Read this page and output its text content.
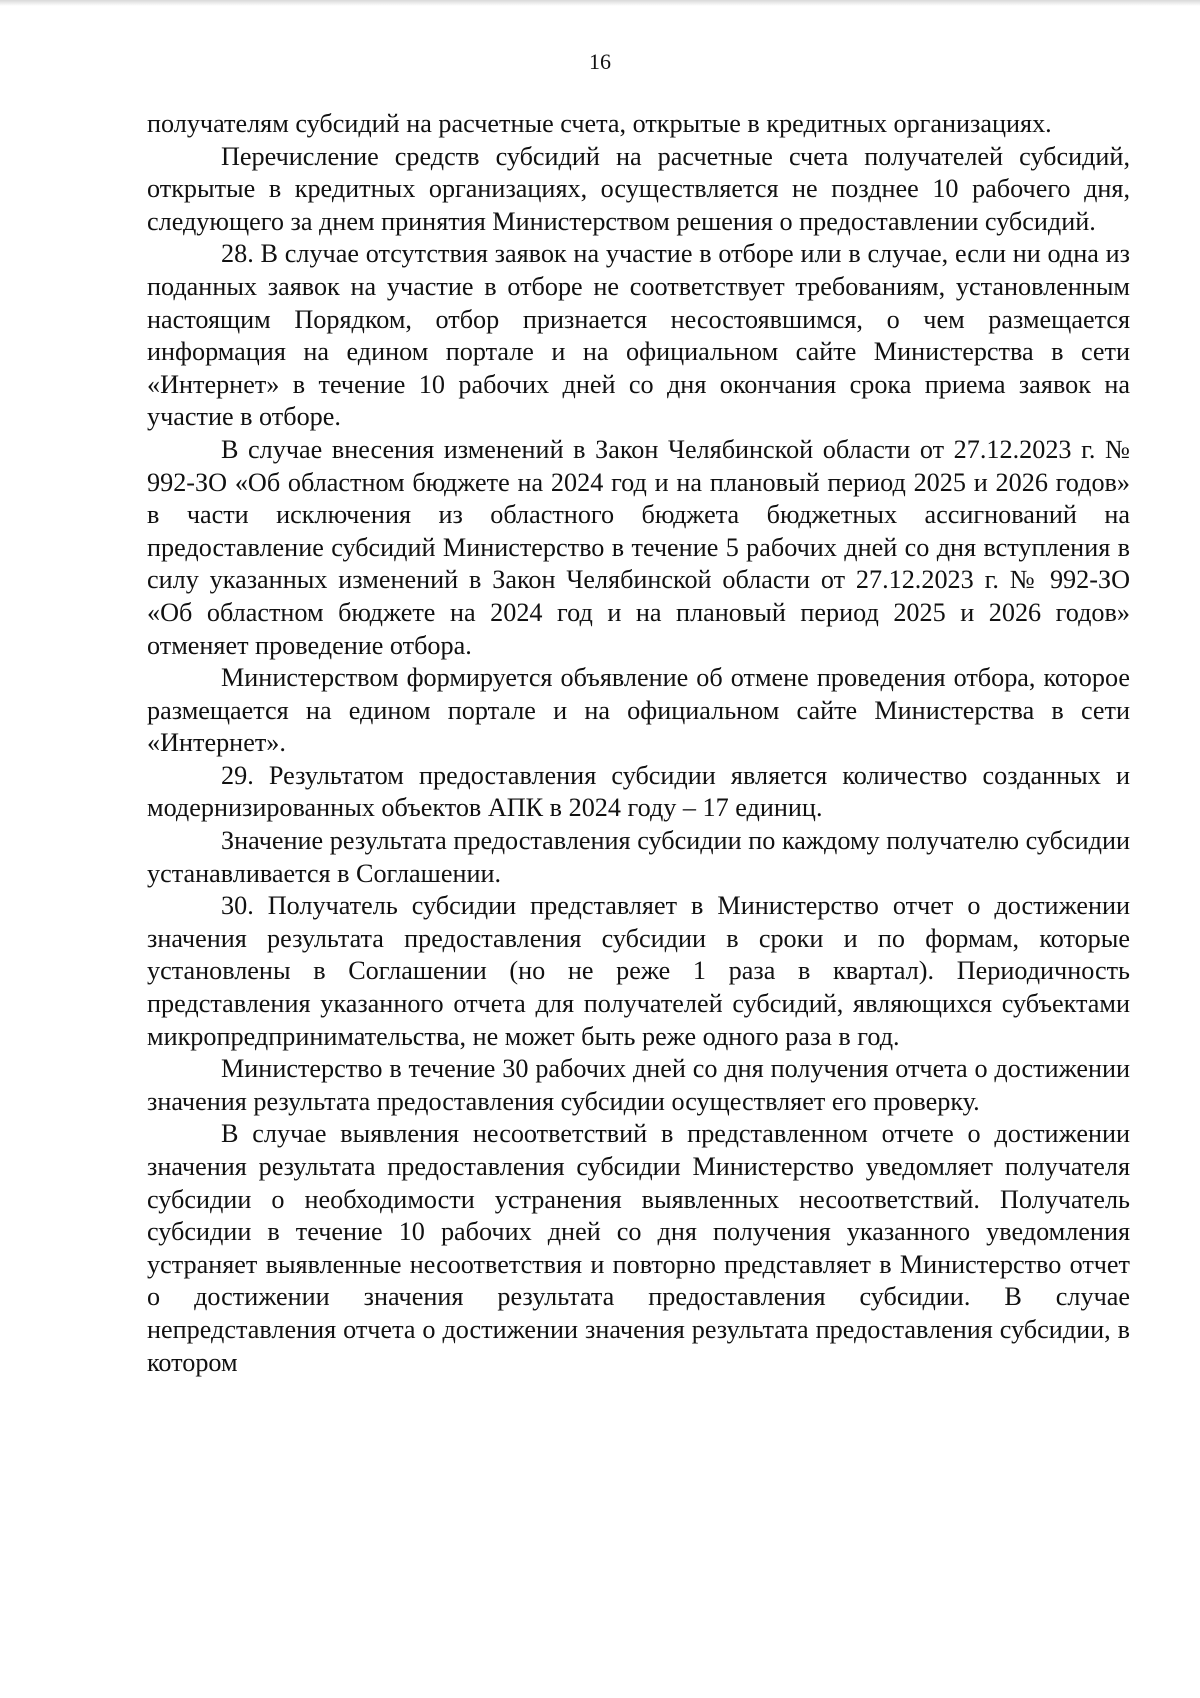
16

получателям субсидий на расчетные счета, открытые в кредитных организациях.

Перечисление средств субсидий на расчетные счета получателей субсидий, открытые в кредитных организациях, осуществляется не позднее 10 рабочего дня, следующего за днем принятия Министерством решения о предоставлении субсидий.

28. В случае отсутствия заявок на участие в отборе или в случае, если ни одна из поданных заявок на участие в отборе не соответствует требованиям, установленным настоящим Порядком, отбор признается несостоявшимся, о чем размещается информация на едином портале и на официальном сайте Министерства в сети «Интернет» в течение 10 рабочих дней со дня окончания срока приема заявок на участие в отборе.

В случае внесения изменений в Закон Челябинской области от 27.12.2023 г. № 992-ЗО «Об областном бюджете на 2024 год и на плановый период 2025 и 2026 годов» в части исключения из областного бюджета бюджетных ассигнований на предоставление субсидий Министерство в течение 5 рабочих дней со дня вступления в силу указанных изменений в Закон Челябинской области от 27.12.2023 г. № 992-ЗО «Об областном бюджете на 2024 год и на плановый период 2025 и 2026 годов» отменяет проведение отбора.

Министерством формируется объявление об отмене проведения отбора, которое размещается на едином портале и на официальном сайте Министерства в сети «Интернет».

29. Результатом предоставления субсидии является количество созданных и модернизированных объектов АПК в 2024 году – 17 единиц.

Значение результата предоставления субсидии по каждому получателю субсидии устанавливается в Соглашении.

30. Получатель субсидии представляет в Министерство отчет о достижении значения результата предоставления субсидии в сроки и по формам, которые установлены в Соглашении (но не реже 1 раза в квартал). Периодичность представления указанного отчета для получателей субсидий, являющихся субъектами микропредпринимательства, не может быть реже одного раза в год.

Министерство в течение 30 рабочих дней со дня получения отчета о достижении значения результата предоставления субсидии осуществляет его проверку.

В случае выявления несоответствий в представленном отчете о достижении значения результата предоставления субсидии Министерство уведомляет получателя субсидии о необходимости устранения выявленных несоответствий. Получатель субсидии в течение 10 рабочих дней со дня получения указанного уведомления устраняет выявленные несоответствия и повторно представляет в Министерство отчет о достижении значения результата предоставления субсидии. В случае непредставления отчета о достижении значения результата предоставления субсидии, в котором
